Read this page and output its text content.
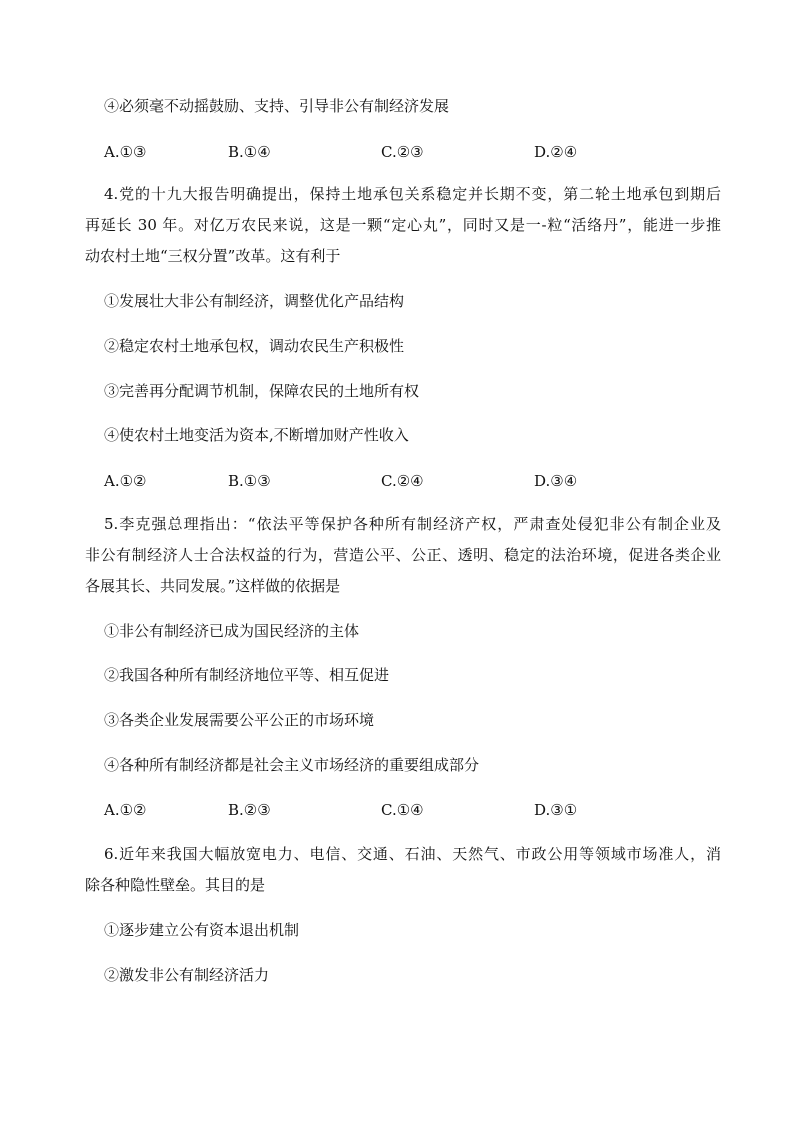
④必须毫不动摇鼓励、支持、引导非公有制经济发展
A.①③	B.①④	C.②③	D.②④
4.党的十九大报告明确提出，保持土地承包关系稳定并长期不变，第二轮土地承包到期后
再延长 30 年。对亿万农民来说，这是一颗“定心丸”，同时又是一-粒“活络丹”，能进一步推
动农村土地“三权分置”改革。这有利于
①发展壮大非公有制经济，调整优化产品结构
②稳定农村土地承包权，调动农民生产积极性
③完善再分配调节机制，保障农民的土地所有权
④使农村土地变活为资本,不断增加财产性收入
A.①②	B.①③	C.②④	D.③④
5.李克强总理指出：“依法平等保护各种所有制经济产权，严肃查处侵犯非公有制企业及
非公有制经济人士合法权益的行为，营造公平、公正、透明、稳定的法治环境，促进各类企业
各展其长、共同发展。”这样做的依据是
①非公有制经济已成为国民经济的主体
②我国各种所有制经济地位平等、相互促进
③各类企业发展需要公平公正的市场环境
④各种所有制经济都是社会主义市场经济的重要组成部分
A.①②	B.②③	C.①④	D.③①
6.近年来我国大幅放宽电力、电信、交通、石油、天然气、市政公用等领域市场准人，消
除各种隐性壁垒。其目的是
①逐步建立公有资本退出机制
②激发非公有制经济活力
